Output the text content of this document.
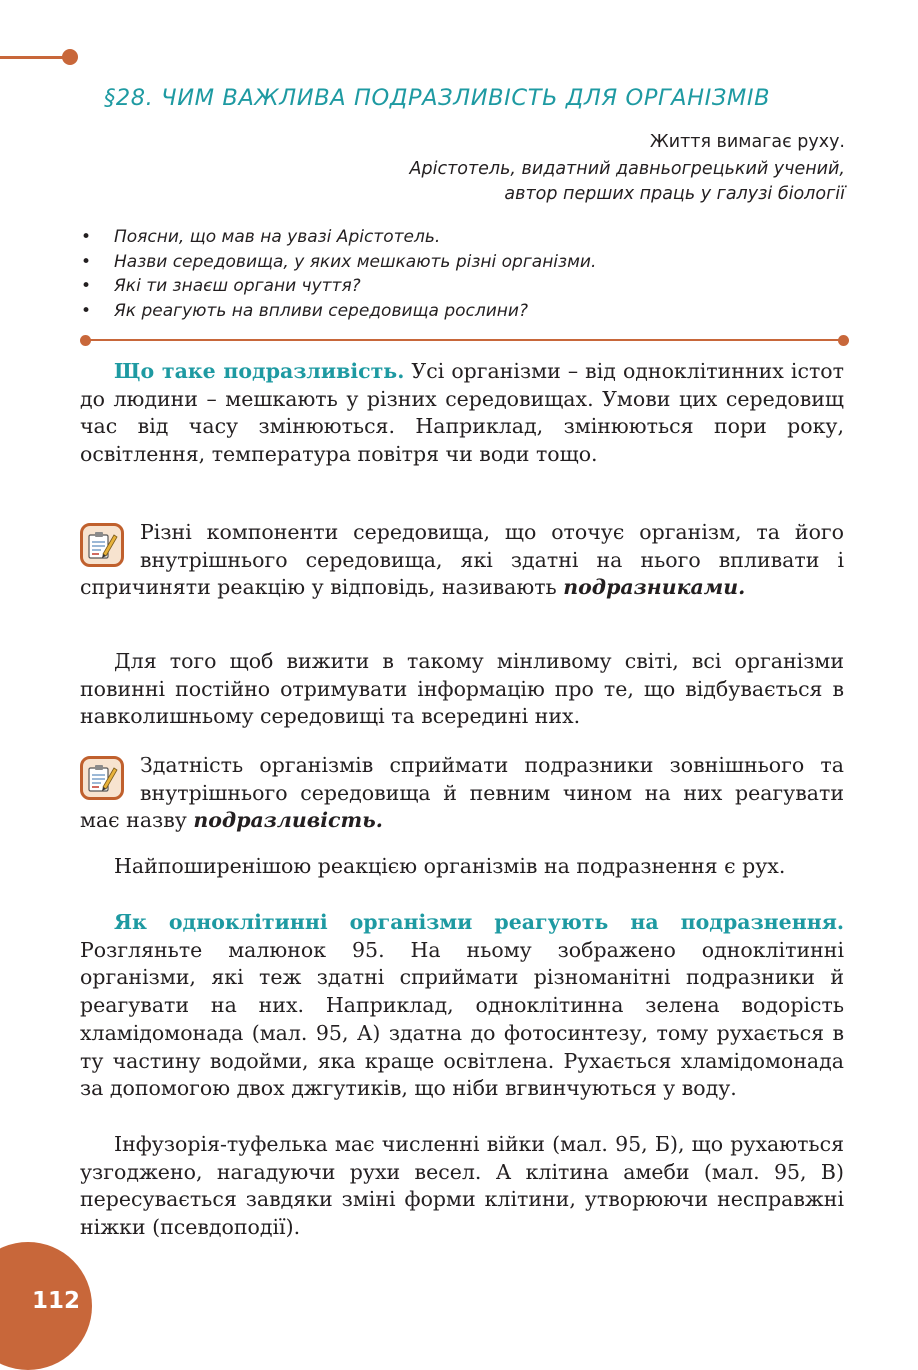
§28. ЧИМ ВАЖЛИВА ПОДРАЗЛИВІСТЬ ДЛЯ ОРГАНІЗМІВ
Життя вимагає руху.
Арістотель, видатний давньогрецький учений,
автор перших праць у галузі біології
• Поясни, що мав на увазі Арістотель.
• Назви середовища, у яких мешкають різні організми.
• Які ти знаєш органи чуття?
• Як реагують на впливи середовища рослини?

Що таке подразливість. Усі організми – від одноклітинних істот до людини – мешкають у різних середовищах. Умови цих середовищ час від часу змінюються. Наприклад, змінюються пори року, освітлення, температура повітря чи води тощо.

Різні компоненти середовища, що оточує організм, та його внутрішнього середовища, які здатні на нього впливати і спричиняти реакцію у відповідь, називають подразниками.

Для того щоб вижити в такому мінливому світі, всі організми повинні постійно отримувати інформацію про те, що відбувається в навколишньому середовищі та всередині них.

Здатність організмів сприймати подразники зовнішнього та внутрішнього середовища й певним чином на них реагувати має назву подразливість.

Найпоширенішою реакцією організмів на подразнення є рух.

Як одноклітинні організми реагують на подразнення. Розгляньте малюнок 95. На ньому зображено одноклітинні організми, які теж здатні сприймати різноманітні подразники й реагувати на них. Наприклад, одноклітинна зелена водорість хламідомонада (мал. 95, А) здатна до фотосинтезу, тому рухається в ту частину водойми, яка краще освітлена. Рухається хламідомонада за допомогою двох джгутиків, що ніби вгвинчуються у воду.

Інфузорія-туфелька має численні війки (мал. 95, Б), що рухаються узгоджено, нагадуючи рухи весел. А клітина амеби (мал. 95, В) пересувається завдяки зміні форми клітини, утворюючи несправжні ніжки (псевдоподії).

112
